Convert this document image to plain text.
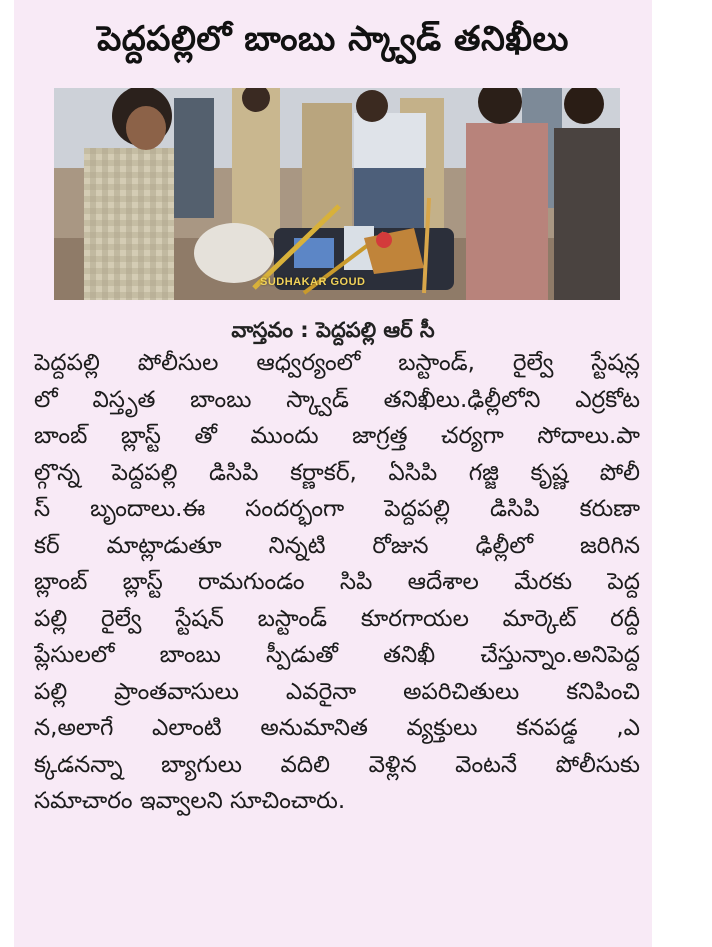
పెద్దపల్లిలో బాంబు స్క్వాడ్ తనిఖీలు
SUDHAKAR GOUD
వాస్తవం : పెద్దపల్లి ఆర్ సీ
పెద్దపల్లి పోలీసుల ఆధ్వర్యంలో బస్టాండ్, రైల్వే స్టేషన్ల
లో విస్తృత బాంబు స్క్వాడ్ తనిఖీలు.ఢిల్లీలోని ఎర్రకోట
బాంబ్ బ్లాస్ట్ తో ముందు జాగ్రత్త చర్యగా సోదాలు.పా
ల్గొన్న పెద్దపల్లి డిసిపి కర్ణాకర్, ఏసిపి గజ్జి కృష్ణ పోలీ
స్ బృందాలు.ఈ సందర్భంగా పెద్దపల్లి డిసిపి కరుణా
కర్ మాట్లాడుతూ నిన్నటి రోజున ఢిల్లీలో జరిగిన
బ్లాంబ్ బ్లాస్ట్ రామగుండం సిపి ఆదేశాల మేరకు పెద్ద
పల్లి రైల్వే స్టేషన్ బస్టాండ్ కూరగాయల మార్కెట్ రద్దీ
ప్లేసులలో బాంబు స్పీడుతో తనిఖీ చేస్తున్నాం.అనిపెద్ద
పల్లి ప్రాంతవాసులు ఎవరైనా అపరిచితులు కనిపించి
న,అలాగే ఎలాంటి అనుమానిత వ్యక్తులు కనపడ్డ ,ఎ
క్కడనన్నా బ్యాగులు వదిలి వెళ్లిన వెంటనే పోలీసుకు
సమాచారం ఇవ్వాలని సూచించారు.
